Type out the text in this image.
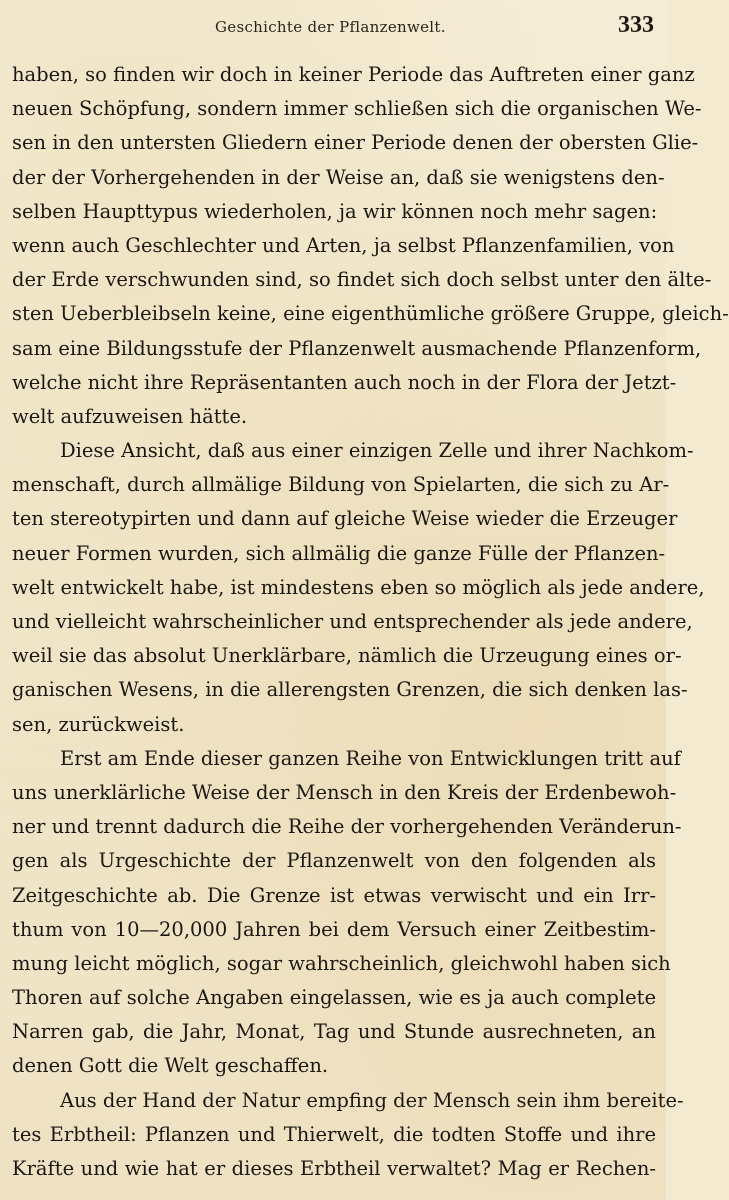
Geschichte der Pflanzenwelt.	333
haben, so finden wir doch in keiner Periode das Auftreten einer ganz
neuen Schöpfung, sondern immer schließen sich die organischen We-
sen in den untersten Gliedern einer Periode denen der obersten Glie-
der der Vorhergehenden in der Weise an, daß sie wenigstens den-
selben Haupttypus wiederholen, ja wir können noch mehr sagen:
wenn auch Geschlechter und Arten, ja selbst Pflanzenfamilien, von
der Erde verschwunden sind, so findet sich doch selbst unter den älte-
sten Ueberbleibseln keine, eine eigenthümliche größere Gruppe, gleich-
sam eine Bildungsstufe der Pflanzenwelt ausmachende Pflanzenform,
welche nicht ihre Repräsentanten auch noch in der Flora der Jetzt-
welt aufzuweisen hätte.
Diese Ansicht, daß aus einer einzigen Zelle und ihrer Nachkom-
menschaft, durch allmälige Bildung von Spielarten, die sich zu Ar-
ten stereotypirten und dann auf gleiche Weise wieder die Erzeuger
neuer Formen wurden, sich allmälig die ganze Fülle der Pflanzen-
welt entwickelt habe, ist mindestens eben so möglich als jede andere,
und vielleicht wahrscheinlicher und entsprechender als jede andere,
weil sie das absolut Unerklärbare, nämlich die Urzeugung eines or-
ganischen Wesens, in die allerengsten Grenzen, die sich denken las-
sen, zurückweist.
Erst am Ende dieser ganzen Reihe von Entwicklungen tritt auf
uns unerklärliche Weise der Mensch in den Kreis der Erdenbewoh-
ner und trennt dadurch die Reihe der vorhergehenden Veränderun-
gen als Urgeschichte der Pflanzenwelt von den folgenden als
Zeitgeschichte ab. Die Grenze ist etwas verwischt und ein Irr-
thum von 10—20,000 Jahren bei dem Versuch einer Zeitbestim-
mung leicht möglich, sogar wahrscheinlich, gleichwohl haben sich
Thoren auf solche Angaben eingelassen, wie es ja auch complete
Narren gab, die Jahr, Monat, Tag und Stunde ausrechneten, an
denen Gott die Welt geschaffen.
Aus der Hand der Natur empfing der Mensch sein ihm bereite-
tes Erbtheil: Pflanzen und Thierwelt, die todten Stoffe und ihre
Kräfte und wie hat er dieses Erbtheil verwaltet? Mag er Rechen-
